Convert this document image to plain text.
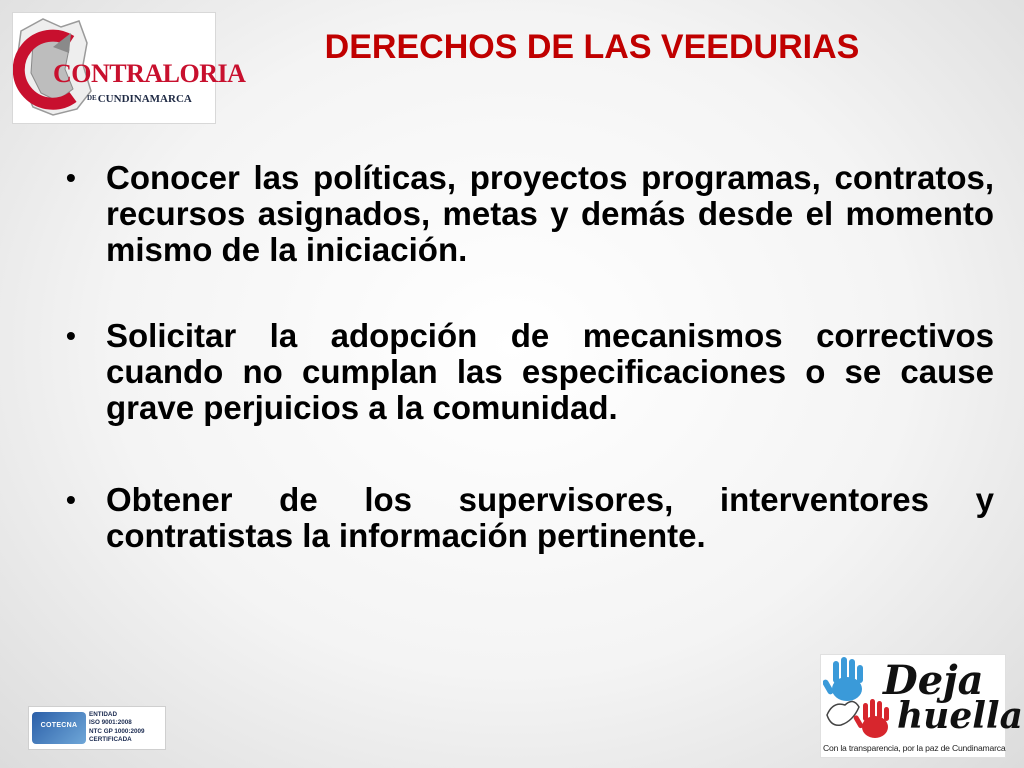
CONTRALORIA
DECUNDINAMARCA
DERECHOS DE LAS VEEDURIAS
• Conocer las políticas, proyectos programas, contratos, recursos asignados, metas y demás desde el momento mismo de la iniciación.
• Solicitar la adopción de mecanismos correctivos cuando no cumplan las especificaciones o se cause grave perjuicios a la comunidad.
• Obtener de los supervisores, interventores y contratistas la información pertinente.
COTECNA
ENTIDAD
ISO 9001:2008
NTC GP 1000:2009
CERTIFICADA
Deja
huella
Con la transparencia, por la paz de Cundinamarca
